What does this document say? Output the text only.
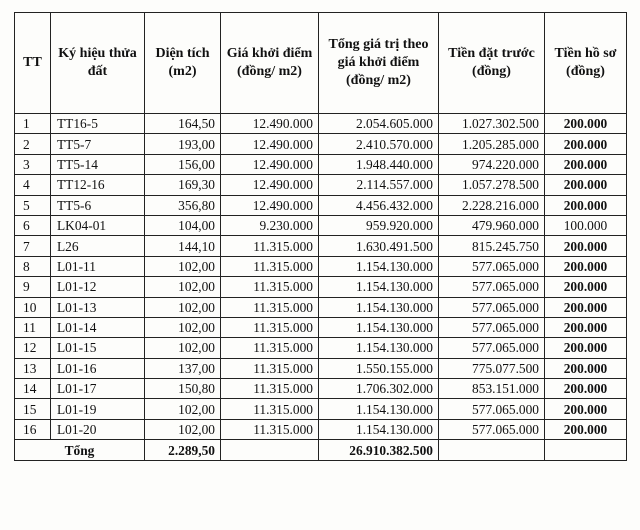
TT	Ký hiệu thửa đất	Diện tích (m2)	Giá khởi điểm (đồng/ m2)	Tổng giá trị theo giá khởi điểm (đồng/ m2)	Tiền đặt trước (đồng)	Tiền hồ sơ (đồng)
1	TT16-5	164,50	12.490.000	2.054.605.000	1.027.302.500	200.000
2	TT5-7	193,00	12.490.000	2.410.570.000	1.205.285.000	200.000
3	TT5-14	156,00	12.490.000	1.948.440.000	974.220.000	200.000
4	TT12-16	169,30	12.490.000	2.114.557.000	1.057.278.500	200.000
5	TT5-6	356,80	12.490.000	4.456.432.000	2.228.216.000	200.000
6	LK04-01	104,00	9.230.000	959.920.000	479.960.000	100.000
7	L26	144,10	11.315.000	1.630.491.500	815.245.750	200.000
8	L01-11	102,00	11.315.000	1.154.130.000	577.065.000	200.000
9	L01-12	102,00	11.315.000	1.154.130.000	577.065.000	200.000
10	L01-13	102,00	11.315.000	1.154.130.000	577.065.000	200.000
11	L01-14	102,00	11.315.000	1.154.130.000	577.065.000	200.000
12	L01-15	102,00	11.315.000	1.154.130.000	577.065.000	200.000
13	L01-16	137,00	11.315.000	1.550.155.000	775.077.500	200.000
14	L01-17	150,80	11.315.000	1.706.302.000	853.151.000	200.000
15	L01-19	102,00	11.315.000	1.154.130.000	577.065.000	200.000
16	L01-20	102,00	11.315.000	1.154.130.000	577.065.000	200.000
Tổng		2.289,50		26.910.382.500		
